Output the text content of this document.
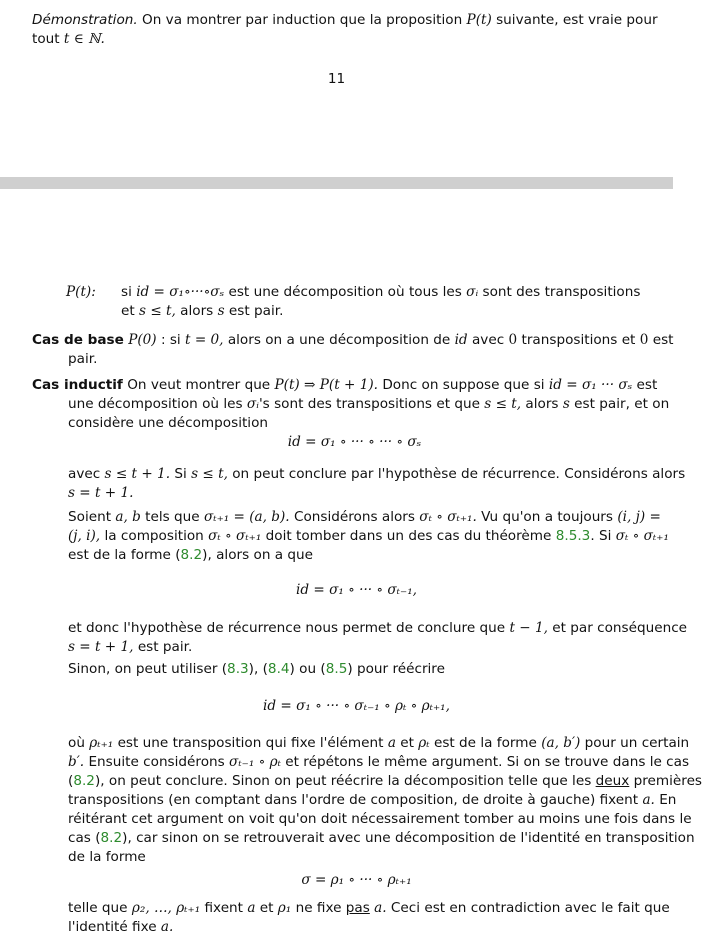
Démonstration. On va montrer par induction que la proposition P(t) suivante, est vraie pour
tout t ∈ ℕ.
11
P(t): si id = σ₁∘···∘σₛ est une décomposition où tous les σᵢ sont des transpositions
et s ≤ t, alors s est pair.
Cas de base P(0) : si t = 0, alors on a une décomposition de id avec 0 transpositions et 0 est
pair.
Cas inductif On veut montrer que P(t) ⇒ P(t + 1). Donc on suppose que si id = σ₁ ··· σₛ est
une décomposition où les σᵢ's sont des transpositions et que s ≤ t, alors s est pair, et on
considère une décomposition
id = σ₁ ∘ ··· ∘ ··· ∘ σₛ
avec s ≤ t + 1. Si s ≤ t, on peut conclure par l'hypothèse de récurrence. Considérons alors
s = t + 1.
Soient a, b tels que σₜ₊₁ = (a, b). Considérons alors σₜ ∘ σₜ₊₁. Vu qu'on a toujours (i, j) =
(j, i), la composition σₜ ∘ σₜ₊₁ doit tomber dans un des cas du théorème 8.5.3. Si σₜ ∘ σₜ₊₁
est de la forme (8.2), alors on a que
id = σ₁ ∘ ··· ∘ σₜ₋₁,
et donc l'hypothèse de récurrence nous permet de conclure que t − 1, et par conséquence
s = t + 1, est pair.
Sinon, on peut utiliser (8.3), (8.4) ou (8.5) pour réécrire
id = σ₁ ∘ ··· ∘ σₜ₋₁ ∘ ρₜ ∘ ρₜ₊₁,
où ρₜ₊₁ est une transposition qui fixe l'élément a et ρₜ est de la forme (a, b′) pour un certain
b′. Ensuite considérons σₜ₋₁ ∘ ρₜ et répétons le même argument. Si on se trouve dans le cas
(8.2), on peut conclure. Sinon on peut réécrire la décomposition telle que les deux premières
transpositions (en comptant dans l'ordre de composition, de droite à gauche) fixent a. En
réitérant cet argument on voit qu'on doit nécessairement tomber au moins une fois dans le
cas (8.2), car sinon on se retrouverait avec une décomposition de l'identité en transposition
de la forme
σ = ρ₁ ∘ ··· ∘ ρₜ₊₁
telle que ρ₂, …, ρₜ₊₁ fixent a et ρ₁ ne fixe pas a. Ceci est en contradiction avec le fait que
l'identité fixe a.
